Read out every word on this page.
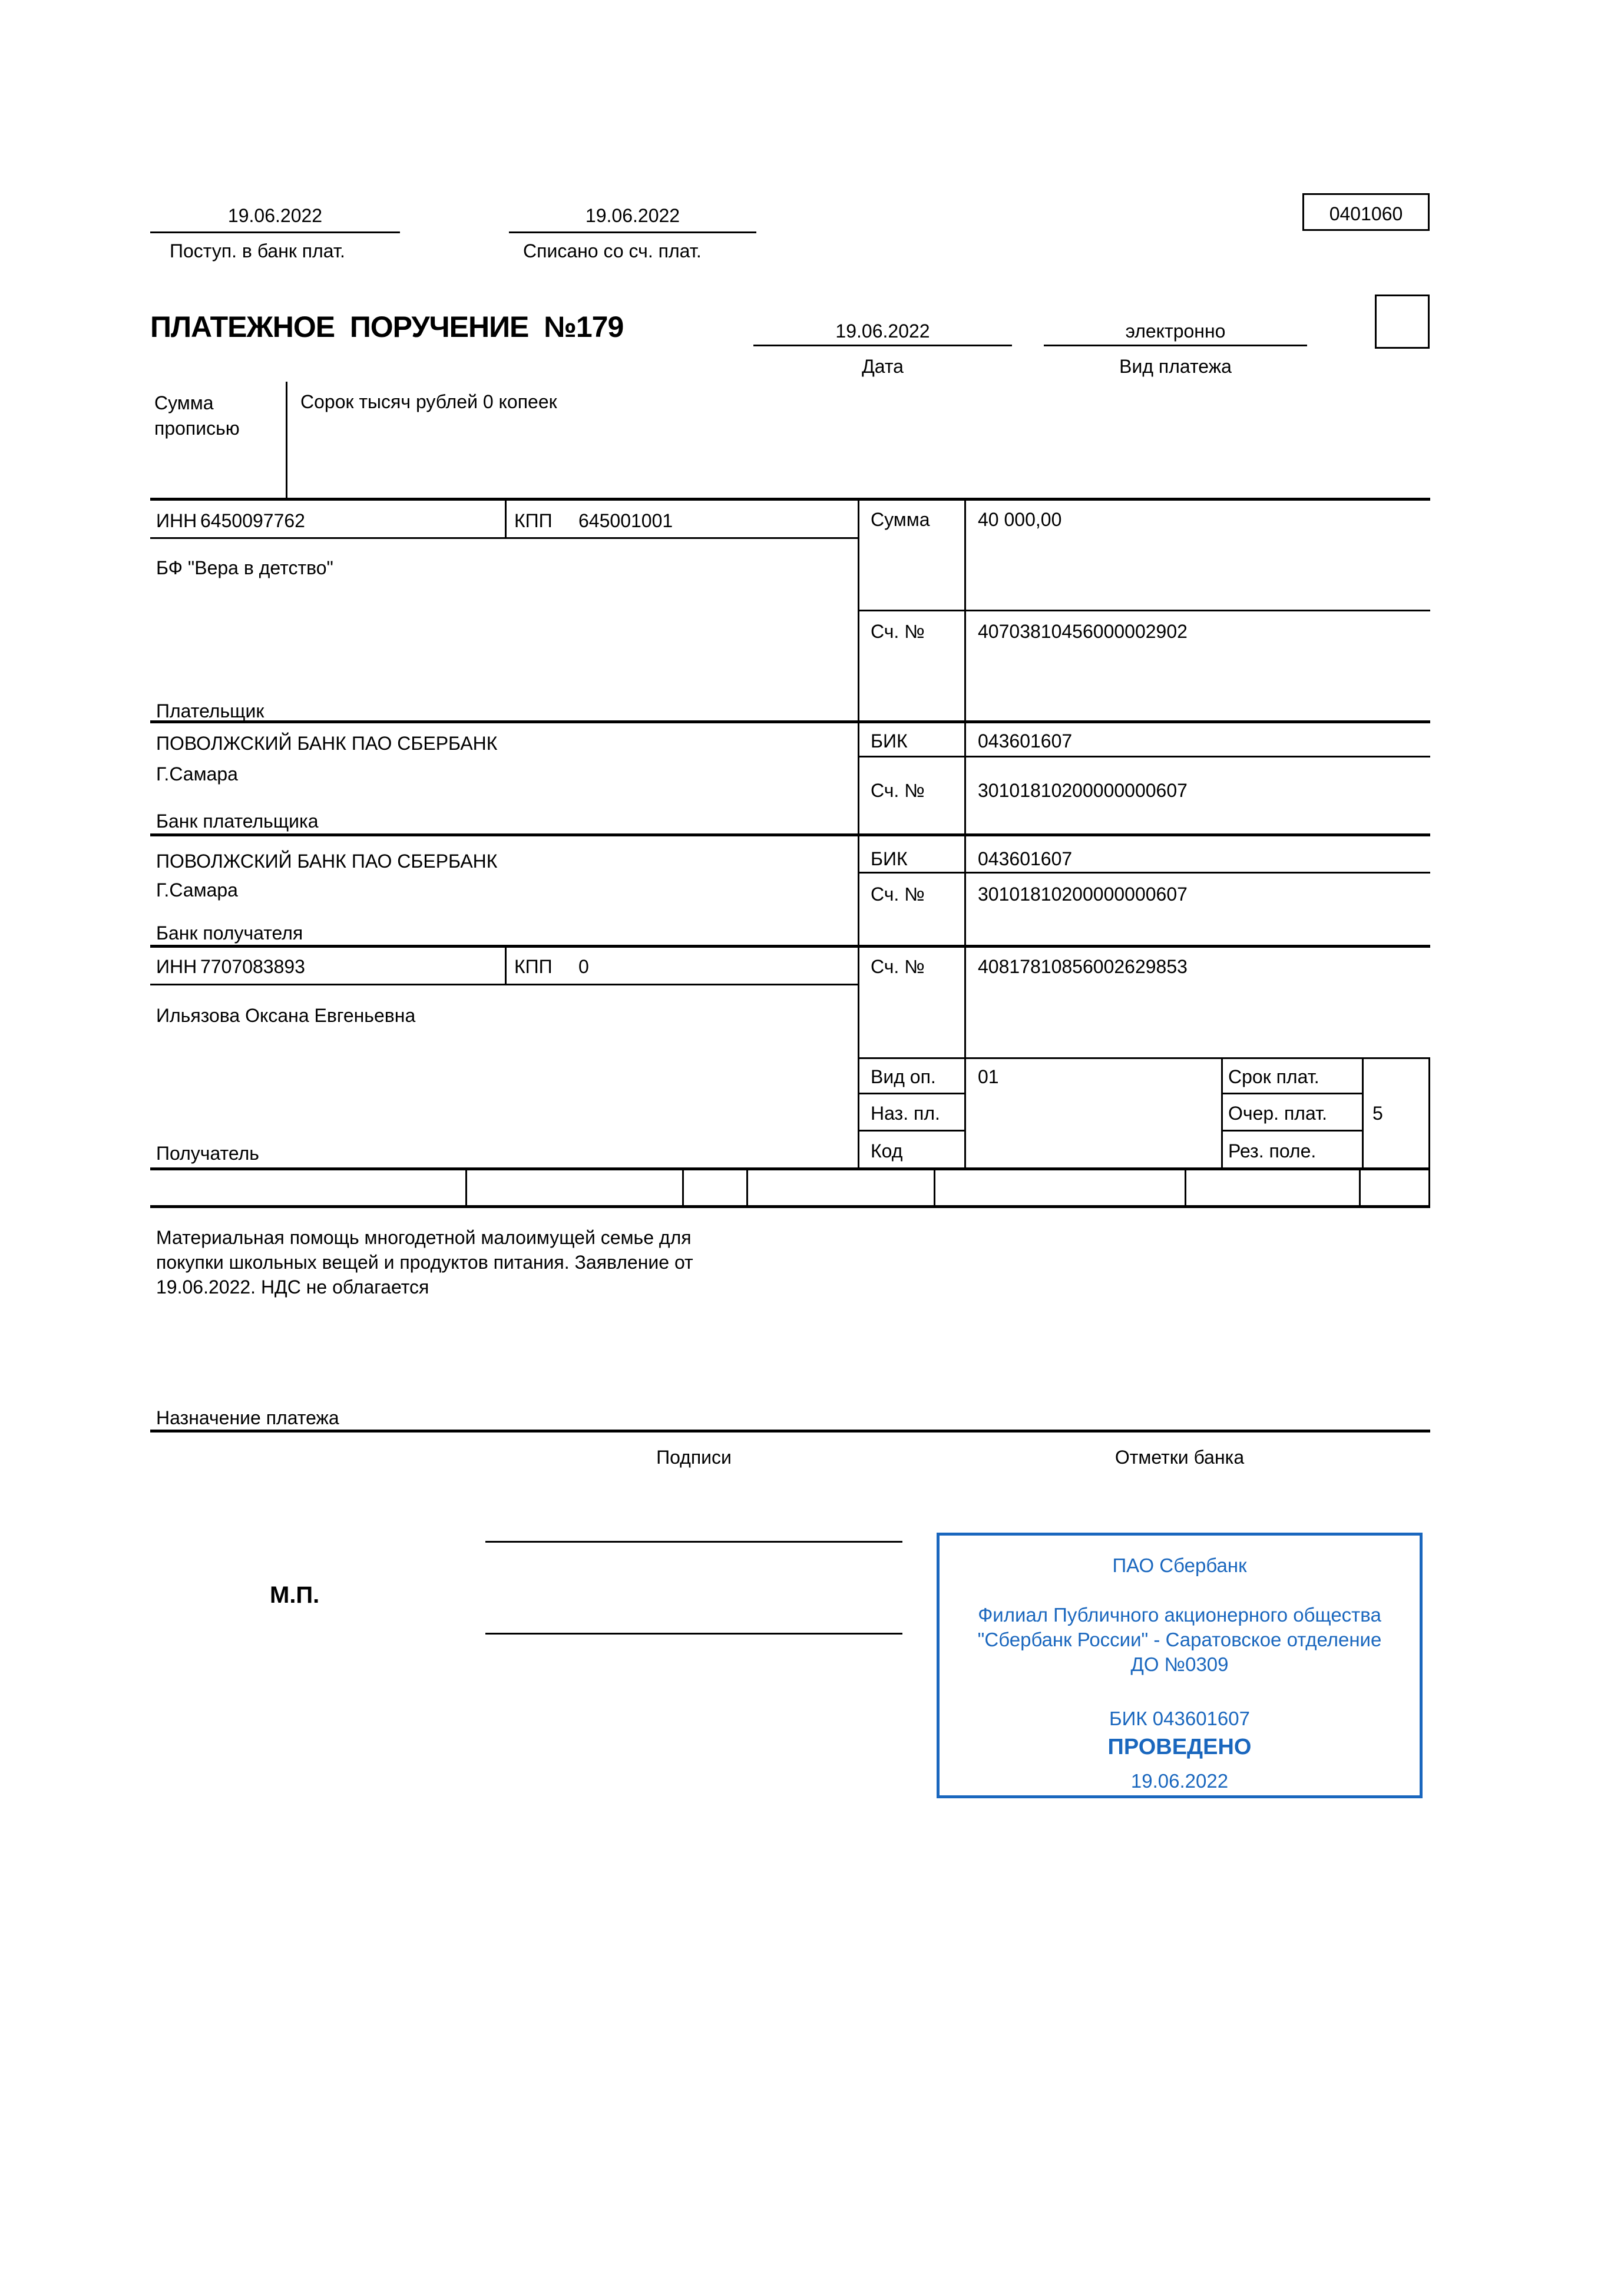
19.06.2022
Поступ. в банк плат.
19.06.2022
Списано со сч. плат.
0401060
ПЛАТЕЖНОЕ  ПОРУЧЕНИЕ  №179	19.06.2022
Дата
электронно
Вид платежа
Сумма
прописью
Сорок тысяч рублей 0 копеек
ИНН 6450097762	КПП 645001001	Сумма	40 000,00
БФ "Вера в детство"
Сч. №	40703810456000002902
Плательщик
ПОВОЛЖСКИЙ БАНК ПАО СБЕРБАНК
Г.Самара
БИК	043601607
Сч. №	30101810200000000607
Банк плательщика
ПОВОЛЖСКИЙ БАНК ПАО СБЕРБАНК
Г.Самара
БИК	043601607
Сч. №	30101810200000000607
Банк получателя
ИНН 7707083893	КПП 0	Сч. №	40817810856002629853
Ильязова Оксана Евгеньевна
Вид оп. 01	Срок плат.
Наз. пл.	Очер. плат. 5
Код	Рез. поле.
Получатель
Материальная помощь многодетной малоимущей семье для
покупки школьных вещей и продуктов питания. Заявление от
19.06.2022. НДС не облагается
Назначение платежа
Подписи	Отметки банка
М.П.
ПАО Сбербанк
Филиал Публичного акционерного общества
"Сбербанк России" - Саратовское отделение
ДО №0309
БИК 043601607
ПРОВЕДЕНО
19.06.2022
